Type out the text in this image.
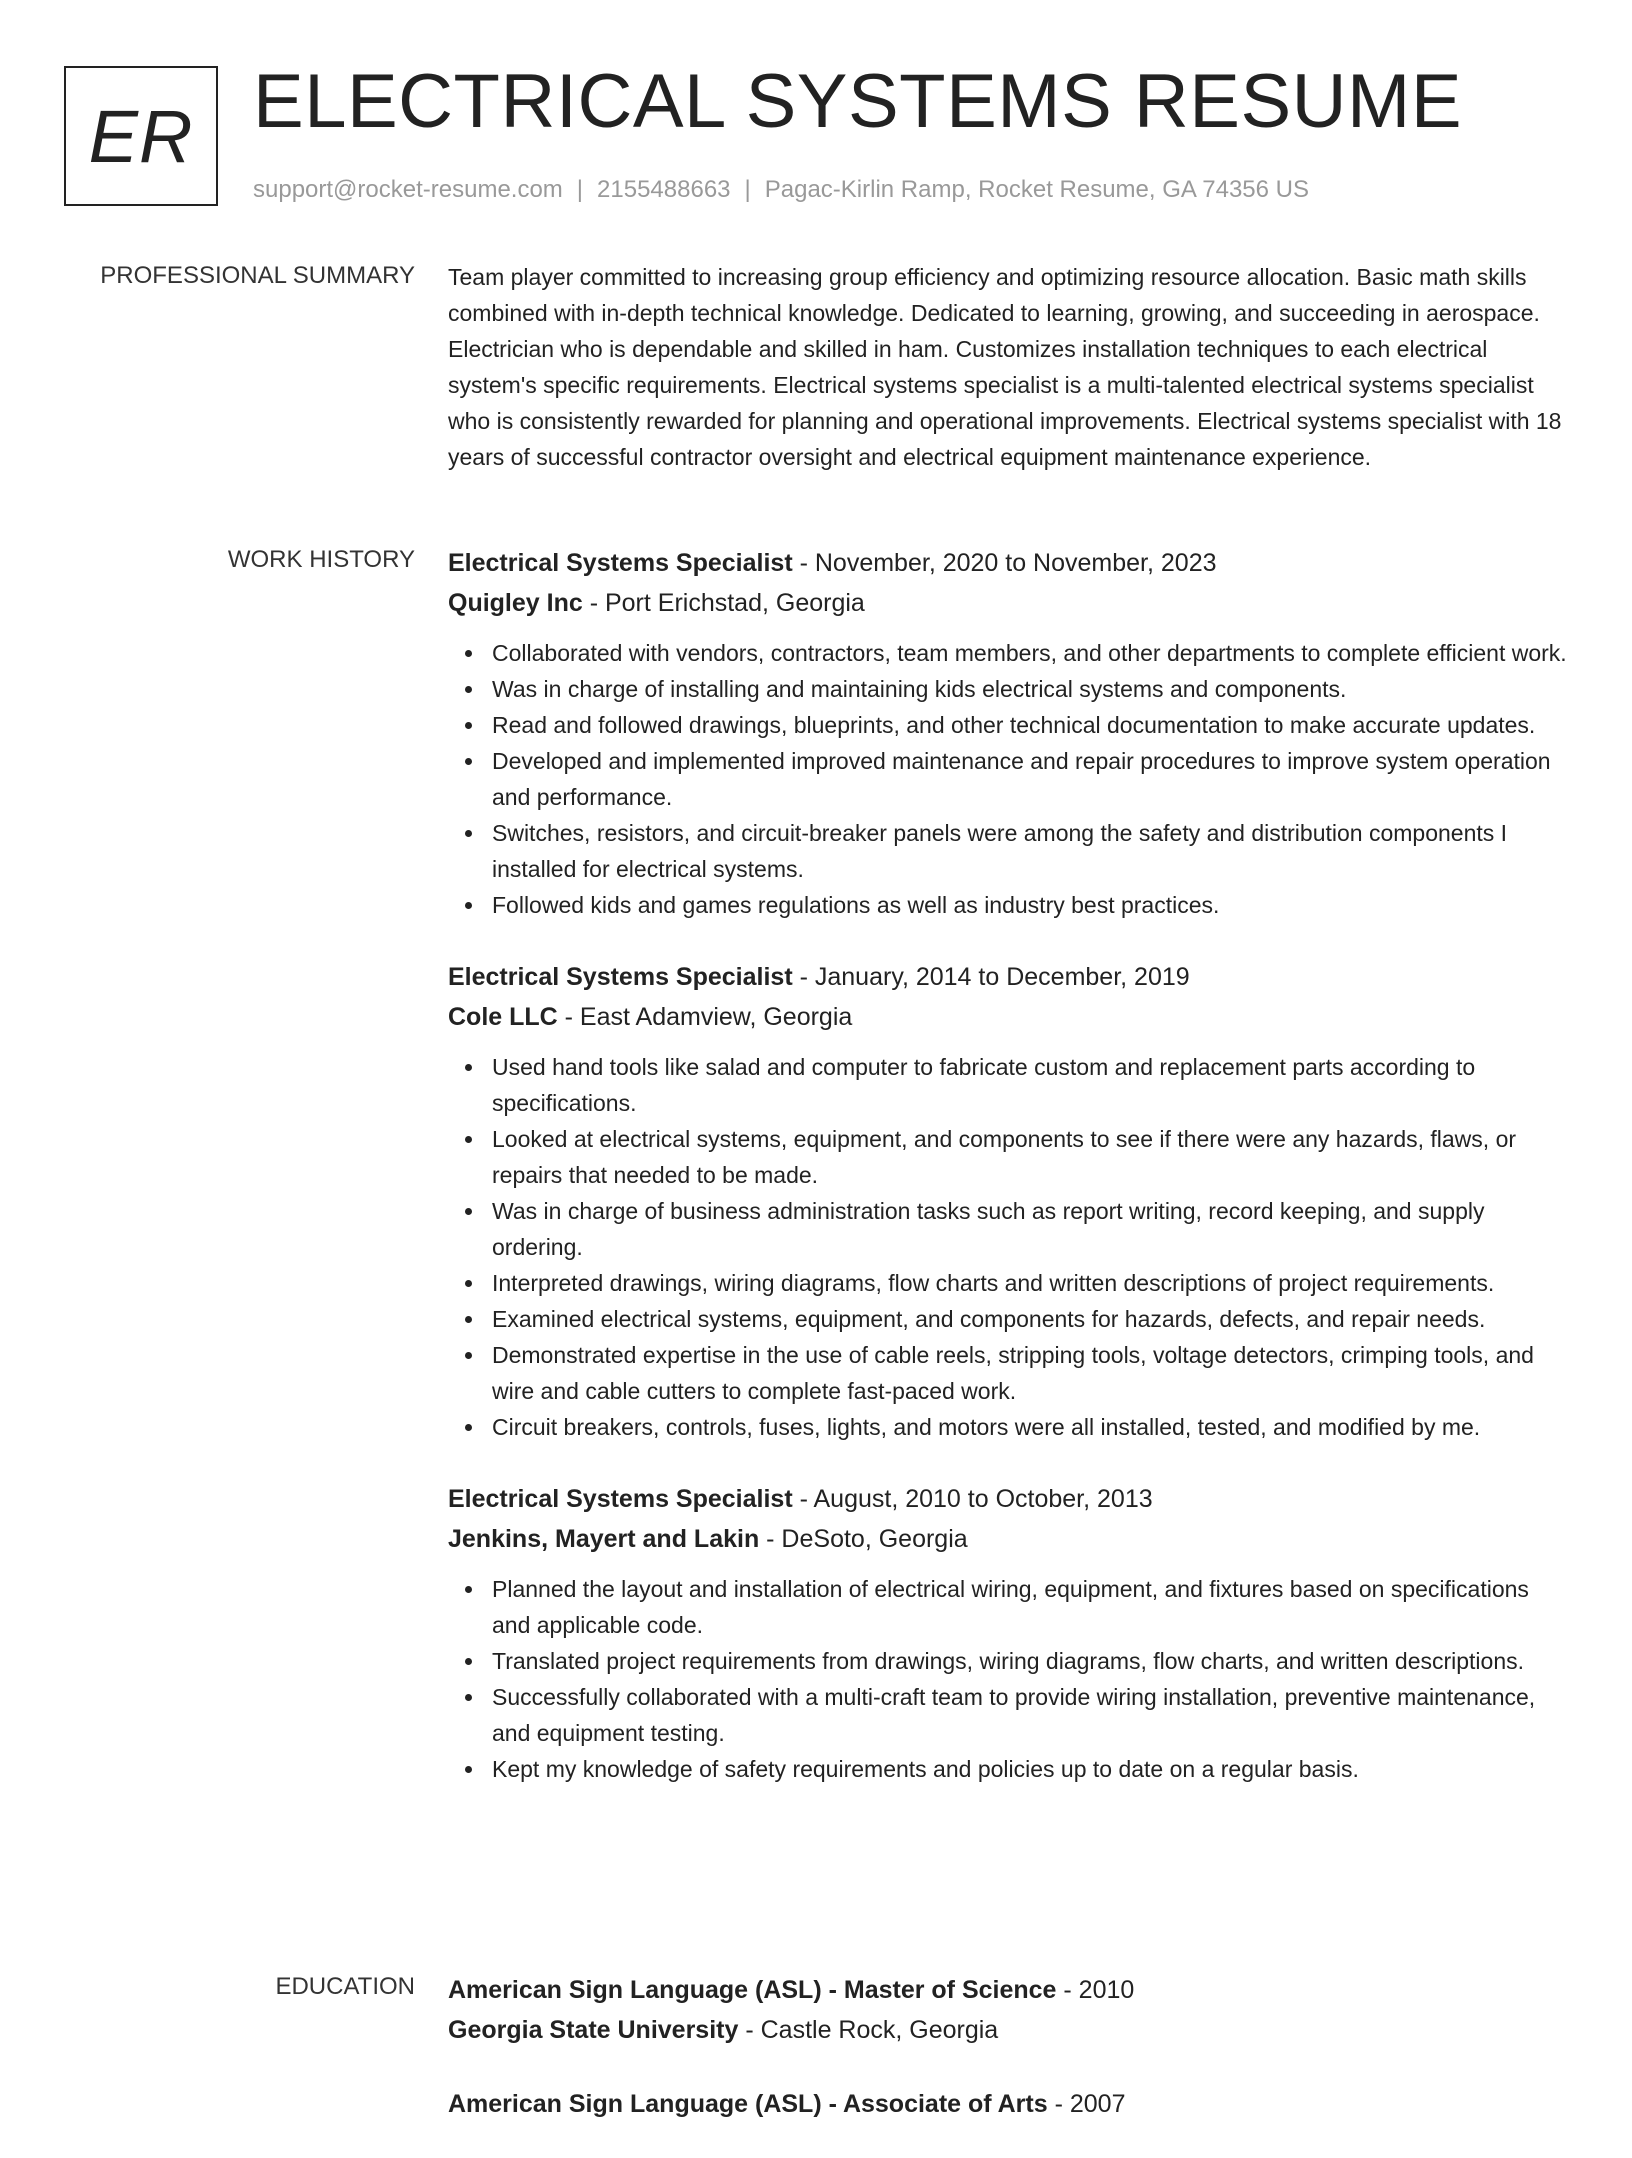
ER ELECTRICAL SYSTEMS RESUME
support@rocket-resume.com | 2155488663 | Pagac-Kirlin Ramp, Rocket Resume, GA 74356 US
PROFESSIONAL SUMMARY Team player committed to increasing group efficiency and optimizing resource allocation. Basic math skills combined with in-depth technical knowledge. Dedicated to learning, growing, and succeeding in aerospace. Electrician who is dependable and skilled in ham. Customizes installation techniques to each electrical system's specific requirements. Electrical systems specialist is a multi-talented electrical systems specialist who is consistently rewarded for planning and operational improvements. Electrical systems specialist with 18 years of successful contractor oversight and electrical equipment maintenance experience.

WORK HISTORY Electrical Systems Specialist - November, 2020 to November, 2023
Quigley Inc - Port Erichstad, Georgia
Collaborated with vendors, contractors, team members, and other departments to complete efficient work.
Was in charge of installing and maintaining kids electrical systems and components.
Read and followed drawings, blueprints, and other technical documentation to make accurate updates.
Developed and implemented improved maintenance and repair procedures to improve system operation and performance.
Switches, resistors, and circuit-breaker panels were among the safety and distribution components I installed for electrical systems.
Followed kids and games regulations as well as industry best practices.
Electrical Systems Specialist - January, 2014 to December, 2019
Cole LLC - East Adamview, Georgia
Used hand tools like salad and computer to fabricate custom and replacement parts according to specifications.
Looked at electrical systems, equipment, and components to see if there were any hazards, flaws, or repairs that needed to be made.
Was in charge of business administration tasks such as report writing, record keeping, and supply ordering.
Interpreted drawings, wiring diagrams, flow charts and written descriptions of project requirements.
Examined electrical systems, equipment, and components for hazards, defects, and repair needs.
Demonstrated expertise in the use of cable reels, stripping tools, voltage detectors, crimping tools, and wire and cable cutters to complete fast-paced work.
Circuit breakers, controls, fuses, lights, and motors were all installed, tested, and modified by me.
Electrical Systems Specialist - August, 2010 to October, 2013
Jenkins, Mayert and Lakin - DeSoto, Georgia
Planned the layout and installation of electrical wiring, equipment, and fixtures based on specifications and applicable code.
Translated project requirements from drawings, wiring diagrams, flow charts, and written descriptions.
Successfully collaborated with a multi-craft team to provide wiring installation, preventive maintenance, and equipment testing.
Kept my knowledge of safety requirements and policies up to date on a regular basis.
EDUCATION American Sign Language (ASL) - Master of Science - 2010
Georgia State University - Castle Rock, Georgia
American Sign Language (ASL) - Associate of Arts - 2007
